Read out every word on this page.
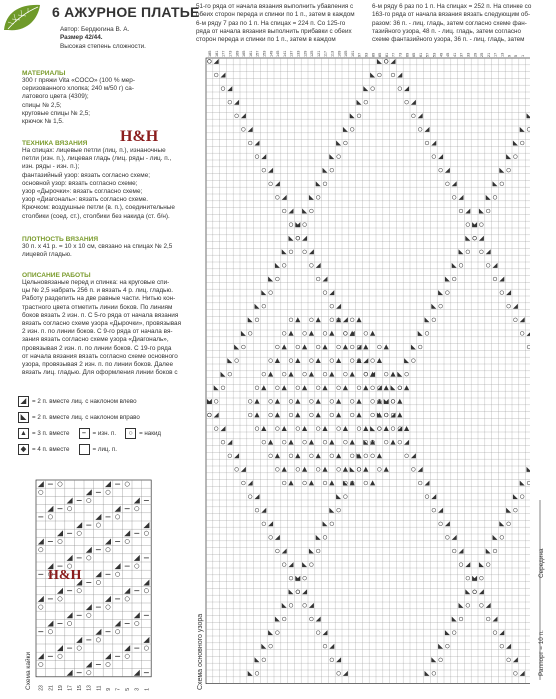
6 АЖУРНОЕ ПЛАТЬЕ
Автор: Бердюгина В. А.
Размер 42/44.
Высокая степень сложности.
МАТЕРИАЛЫ
300 г пряжи Vita «COCO» (100 % мер-
серизованного хлопка; 240 м/50 г) са-
латового цвета (4309);
спицы № 2,5;
круговые спицы № 2,5;
крючок № 1,5.
H&H
ТЕХНИКА ВЯЗАНИЯ
На спицах: лицевые петли (лиц. п.), изнаночные
петли (изн. п.), лицевая гладь (лиц. ряды - лиц. п.,
изн. ряды - изн. п.);
фантазийный узор: вязать согласно схеме;
основной узор: вязать согласно схеме;
узор «Дырочки»: вязать согласно схеме;
узор «Диагональ»: вязать согласно схеме.
Крючком: воздушные петли (в. п.), соединительные
столбики (соед. ст.), столбики без накида (ст. б/н).
ПЛОТНОСТЬ ВЯЗАНИЯ
30 п. х 41 р. = 10 х 10 см, связано на спицах № 2,5
лицевой гладью.
ОПИСАНИЕ РАБОТЫ
Цельновязаные перед и спинка: на круговые спи-
цы № 2,5 набрать 256 п. и вязать 4 р. лиц. гладью.
Работу разделить на две равные части. Нитью кон-
трастного цвета отметить линии боков. По линиям
боков вязать 2 изн. п. С 5-го ряда от начала вязания
вязать согласно схеме узора «Дырочки», провязывая
2 изн. п. по линии боков. С 9-го ряда от начала вя-
зания вязать согласно схеме узора «Диагональ»,
провязывая 2 изн. п. по линии боков. С 19-го ряда
от начала вязания вязать согласно схеме основного
узора, провязывая 2 изн. п. по линии боков. Далее
вязать лиц. гладью. Для оформления линии боков с
◢ = 2 п. вместе лиц. с наклоном влево
◣ = 2 п. вместе лиц. с наклоном вправо
▲ = 3 п. вместе	–	= изн. п.	○	= накид
◆ = 4 п. вместе	= лиц. п.
51-го ряда от начала вязания выполнить убавления с
обеих сторон переда и спинки по 1 п., затем в каждом
6-м ряду 7 раз по 1 п. На спицах = 224 п. Со 125-го
ряда от начала вязания выполнить прибавки с обеих
сторон переда и спинки по 1 п., затем в каждом
6-м ряду 6 раз по 1 п. На спицах = 252 п. На спинке со
163-го ряда от начала вязания вязать следующим об-
разом: 36 п. - лиц. гладь, затем согласно схеме фан-
тазийного узора, 48 п. - лиц. гладь, затем согласно
схеме фантазийного узора, 36 п. - лиц. гладь, затем
185 181 177 173 169 165 161 157 153 149 145 141 137 133 129 125 121 117 113 109 105 101 97 93 89 85 81 77 73 69 65 61 57 53 49 45 41 37 33 29 25 21 17 13 9 5 1
Схема основного узора
Середина
Раппорт = 10 п.
23 21 19 17 15 13 11 9 7 5 3 1
Схема кайки
H&H
